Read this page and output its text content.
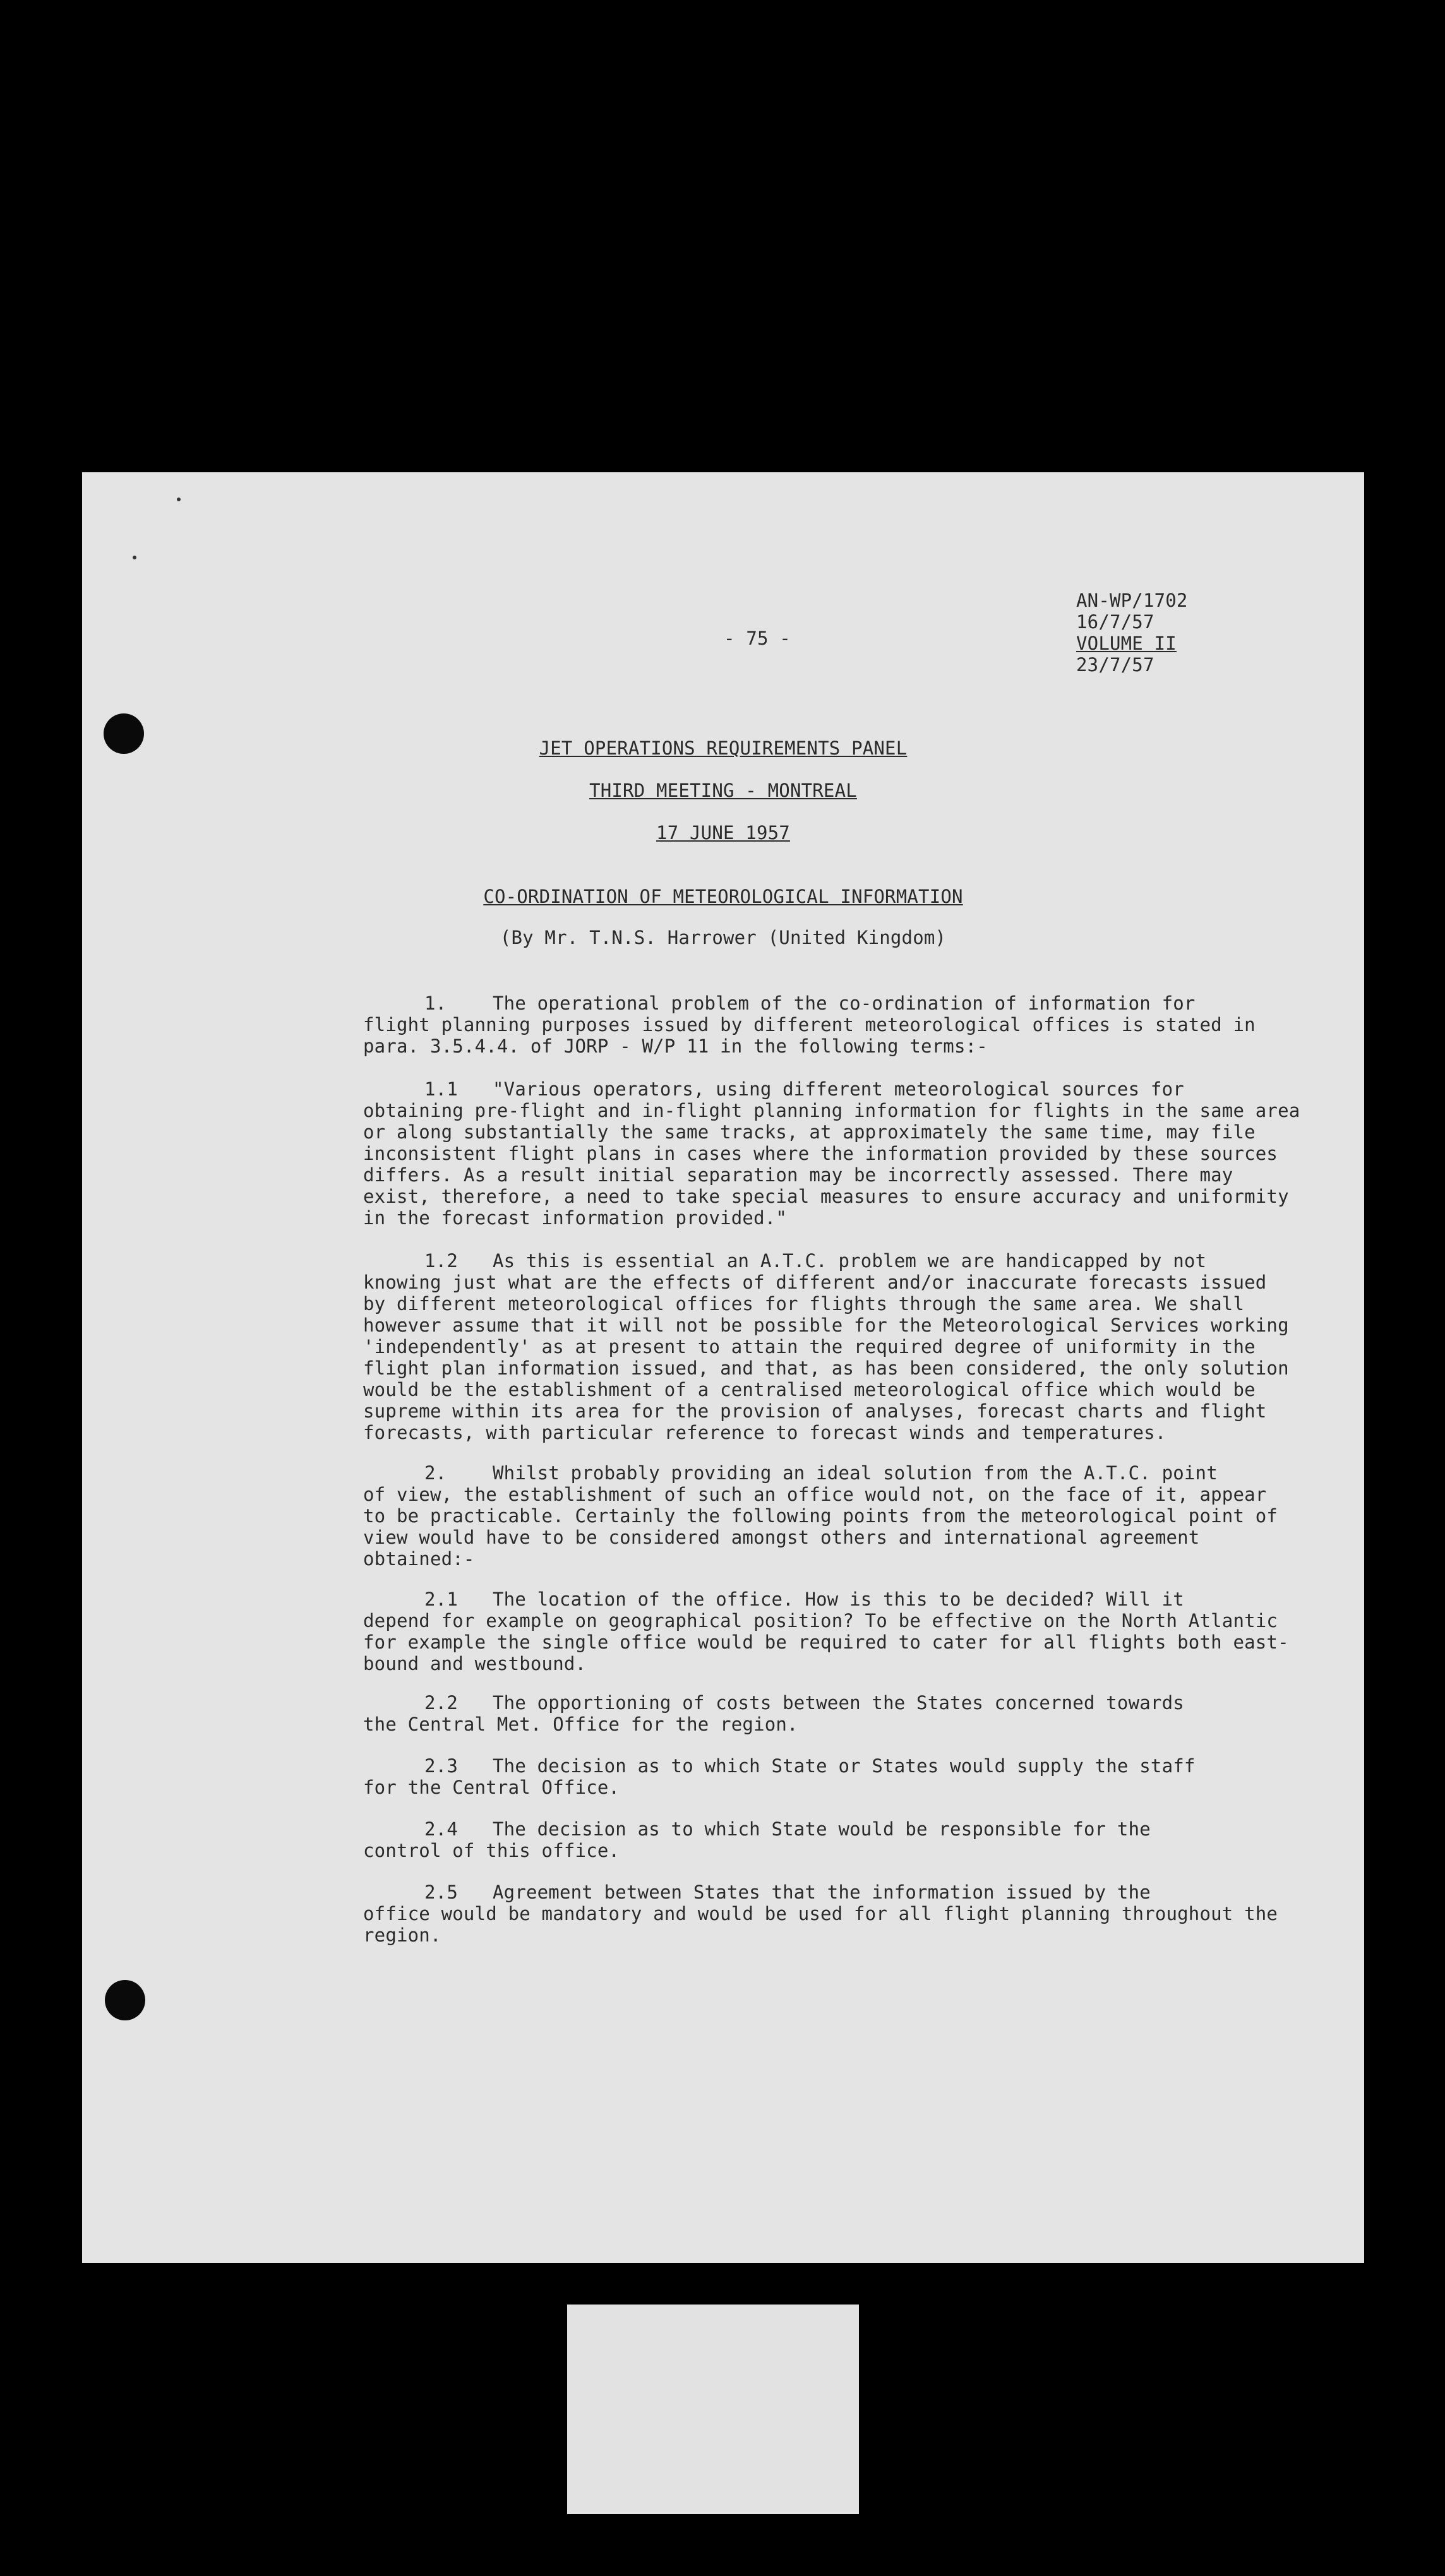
AN-WP/1702
16/7/57
VOLUME II
23/7/57
- 75 -
JET OPERATIONS REQUIREMENTS PANEL
THIRD MEETING - MONTREAL
17 JUNE 1957
CO-ORDINATION OF METEOROLOGICAL INFORMATION
(By Mr. T.N.S. Harrower (United Kingdom)
1.	The operational problem of the co-ordination of information for
flight planning purposes issued by different meteorological offices is stated in
para. 3.5.4.4. of JORP - W/P 11 in the following terms:-
1.1 "Various operators, using different meteorological sources for
obtaining pre-flight and in-flight planning information for flights in the same area
or along substantially the same tracks, at approximately the same time, may file
inconsistent flight plans in cases where the information provided by these sources
differs. As a result initial separation may be incorrectly assessed. There may
exist, therefore, a need to take special measures to ensure accuracy and uniformity
in the forecast information provided."
1.2 As this is essential an A.T.C. problem we are handicapped by not
knowing just what are the effects of different and/or inaccurate forecasts issued
by different meteorological offices for flights through the same area. We shall
however assume that it will not be possible for the Meteorological Services working
'independently' as at present to attain the required degree of uniformity in the
flight plan information issued, and that, as has been considered, the only solution
would be the establishment of a centralised meteorological office which would be
supreme within its area for the provision of analyses, forecast charts and flight
forecasts, with particular reference to forecast winds and temperatures.
2.	Whilst probably providing an ideal solution from the A.T.C. point
of view, the establishment of such an office would not, on the face of it, appear
to be practicable. Certainly the following points from the meteorological point of
view would have to be considered amongst others and international agreement
obtained:-
2.1 The location of the office. How is this to be decided? Will it
depend for example on geographical position? To be effective on the North Atlantic
for example the single office would be required to cater for all flights both east-
bound and westbound.
2.2 The opportioning of costs between the States concerned towards
the Central Met. Office for the region.
2.3 The decision as to which State or States would supply the staff
for the Central Office.
2.4 The decision as to which State would be responsible for the
control of this office.
2.5 Agreement between States that the information issued by the
office would be mandatory and would be used for all flight planning throughout the
region.
